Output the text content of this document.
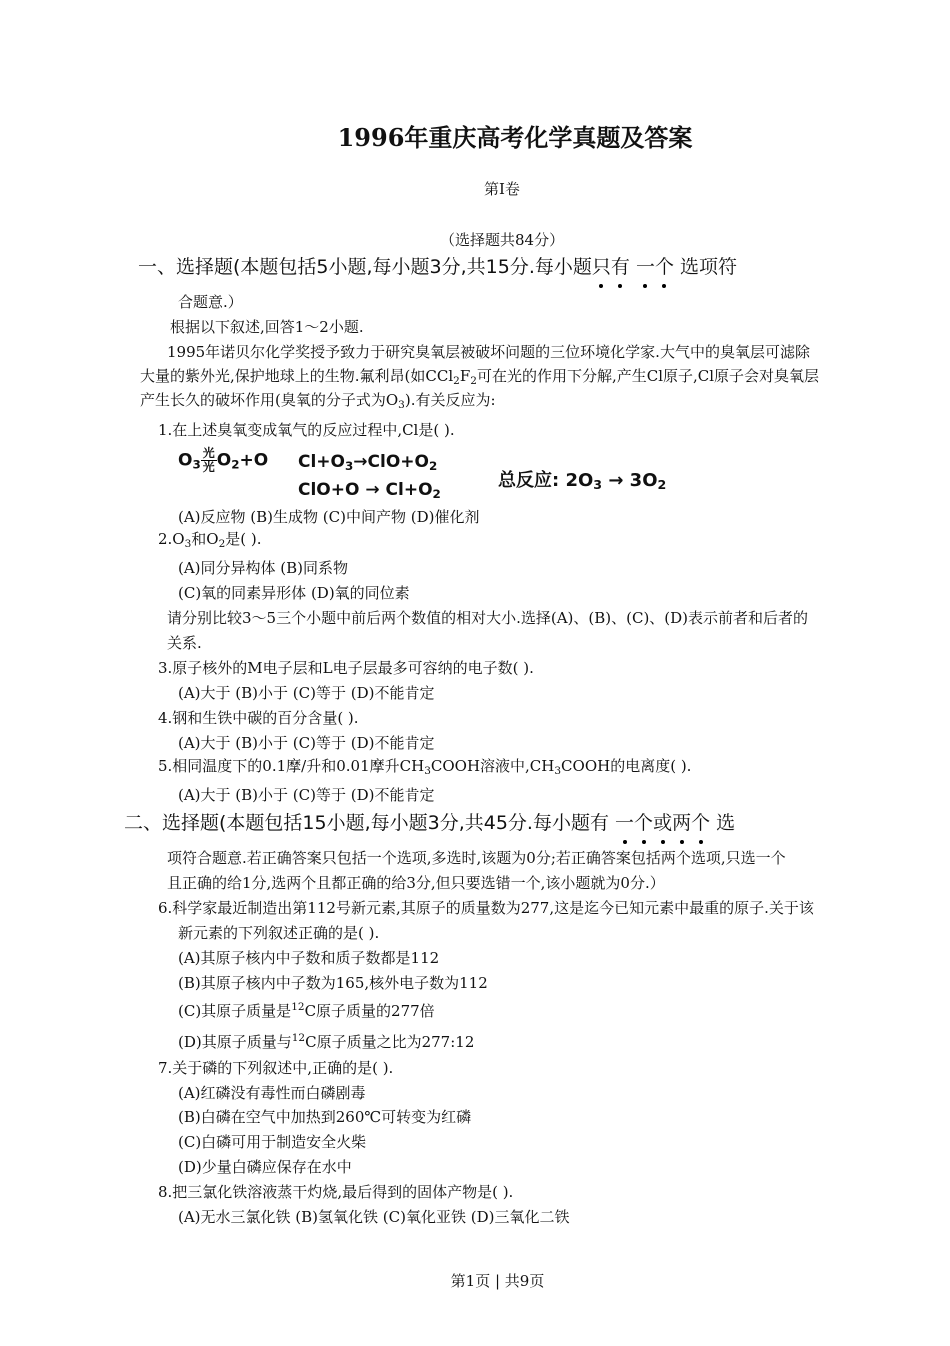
1996年重庆高考化学真题及答案
第I卷
（选择题共84分）
一、选择题(本题包括5小题,每小题3分,共15分.每小题只有 一个 选项符
合题意.）
根据以下叙述,回答1～2小题.
1995年诺贝尔化学奖授予致力于研究臭氧层被破坏问题的三位环境化学家.大气中的臭氧层可滤除
大量的紫外光,保护地球上的生物.氟利昂(如$CCl_2F_2$可在光的作用下分解,产生Cl原子,Cl原子会对臭氧层
产生长久的破坏作用(臭氧的分子式为$O_3$).有关反应为:
1.在上述臭氧变成氧气的反应过程中,Cl是( ).
$O_3 \frac{\text{光}}{\text{光}} O_2+O$ $Cl+O_3\to ClO+O_2$
$ClO+O \to Cl+O_2$
总反应: $2O_3 \to 3O_2$
(A)反应物 (B)生成物 (C)中间产物 (D)催化剂
$2.O_3$和$O_2$是( ).
(A)同分异构体 (B)同系物
(C)氧的同素异形体 (D)氧的同位素
请分别比较3～5三个小题中前后两个数值的相对大小.选择(A)、(B)、(C)、(D)表示前者和后者的
关系.
3.原子核外的M电子层和L电子层最多可容纳的电子数( ).
(A)大于 (B)小于 (C)等于 (D)不能肯定
4.钢和生铁中碳的百分含量( ).
(A)大于 (B)小于 (C)等于 (D)不能肯定
5.相同温度下的0.1摩/升和0.01摩升$CH_3COOH$溶液中$,CH_3COOH$的电离度( ).
(A)大于 (B)小于 (C)等于 (D)不能肯定
二、选择题(本题包括15小题,每小题3分,共45分.每小题有 一个或两个 选
项符合题意.若正确答案只包括一个选项,多选时,该题为0分;若正确答案包括两个选项,只选一个
且正确的给1分,选两个且都正确的给3分,但只要选错一个,该小题就为0分.）
6.科学家最近制造出第112号新元素,其原子的质量数为277,这是迄今已知元素中最重的原子.关于该
新元素的下列叙述正确的是( ).
(A)其原子核内中子数和质子数都是112
(B)其原子核内中子数为165,核外电子数为112
(C)其原子质量是$^{12}$C原子质量的277倍
(D)其原子质量与$^{12}$C原子质量之比为277:12
7.关于磷的下列叙述中,正确的是( ).
(A)红磷没有毒性而白磷剧毒
(B)白磷在空气中加热到260℃可转变为红磷
(C)白磷可用于制造安全火柴
(D)少量白磷应保存在水中
8.把三氯化铁溶液蒸干灼烧,最后得到的固体产物是( ).
(A)无水三氯化铁 (B)氢氧化铁 (C)氧化亚铁 (D)三氧化二铁
第1页 | 共9页
